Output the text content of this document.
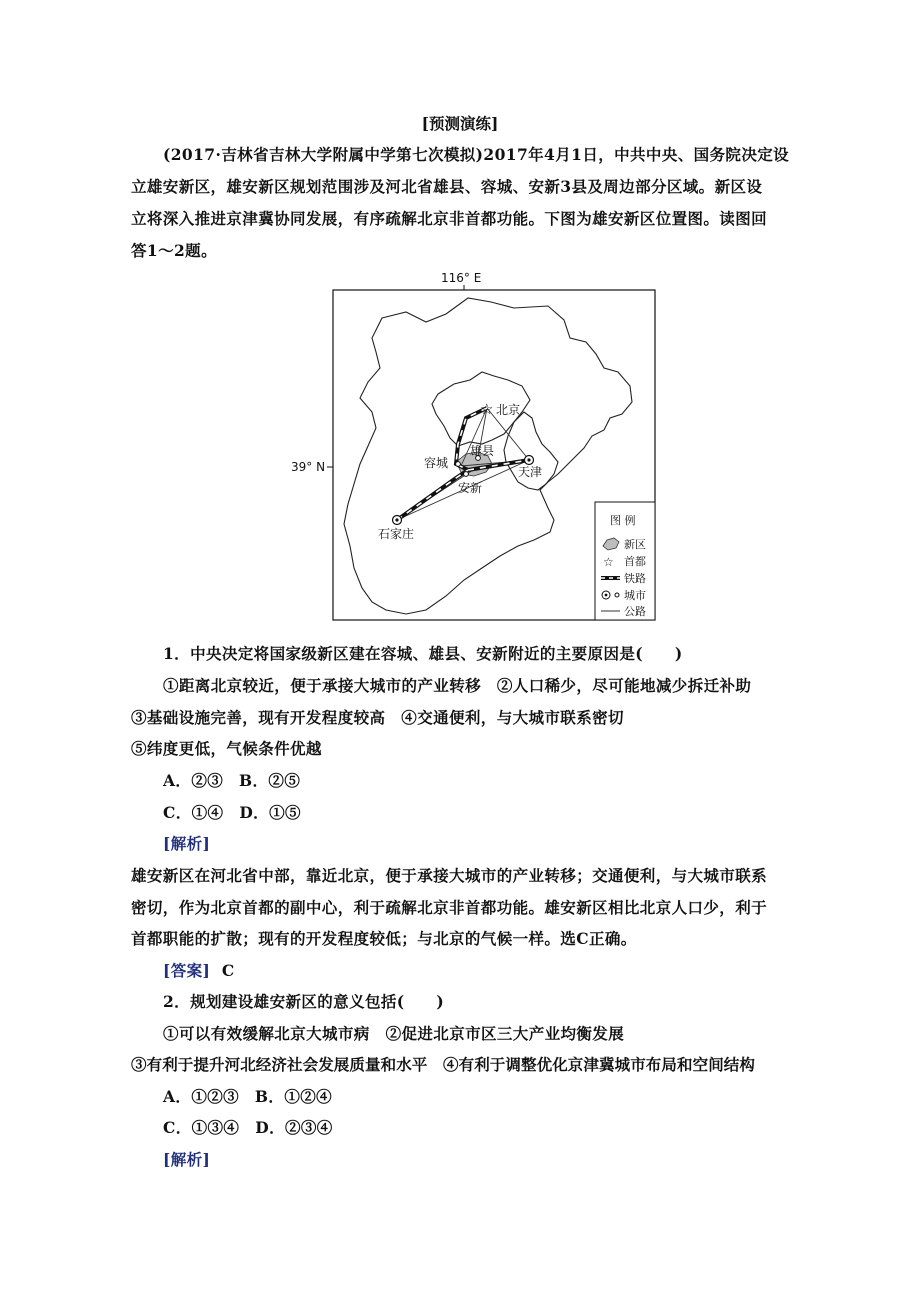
[预测演练]
(2017·吉林省吉林大学附属中学第七次模拟)2017年4月1日，中共中央、国务院决定设
立雄安新区，雄安新区规划范围涉及河北省雄县、容城、安新3县及周边部分区域。新区设
立将深入推进京津冀协同发展，有序疏解北京非首都功能。下图为雄安新区位置图。读图回
答1～2题。
116° E
39° N
☆ 北京
天津
石家庄
容城
雄县
安新
图 例
新区
☆ 首都
铁路
城市
公路
1．中央决定将国家级新区建在容城、雄县、安新附近的主要原因是(　　)
①距离北京较近，便于承接大城市的产业转移　②人口稀少，尽可能地减少拆迁补助
③基础设施完善，现有开发程度较高　④交通便利，与大城市联系密切
⑤纬度更低，气候条件优越
A．②③　B．②⑤
C．①④　D．①⑤
[解析]
雄安新区在河北省中部，靠近北京，便于承接大城市的产业转移；交通便利，与大城市联系
密切，作为北京首都的副中心，利于疏解北京非首都功能。雄安新区相比北京人口少，利于
首都职能的扩散；现有的开发程度较低；与北京的气候一样。选C正确。
[答案] C
2．规划建设雄安新区的意义包括(　　)
①可以有效缓解北京大城市病　②促进北京市区三大产业均衡发展
③有利于提升河北经济社会发展质量和水平　④有利于调整优化京津冀城市布局和空间结构
A．①②③　B．①②④
C．①③④　D．②③④
[解析]
